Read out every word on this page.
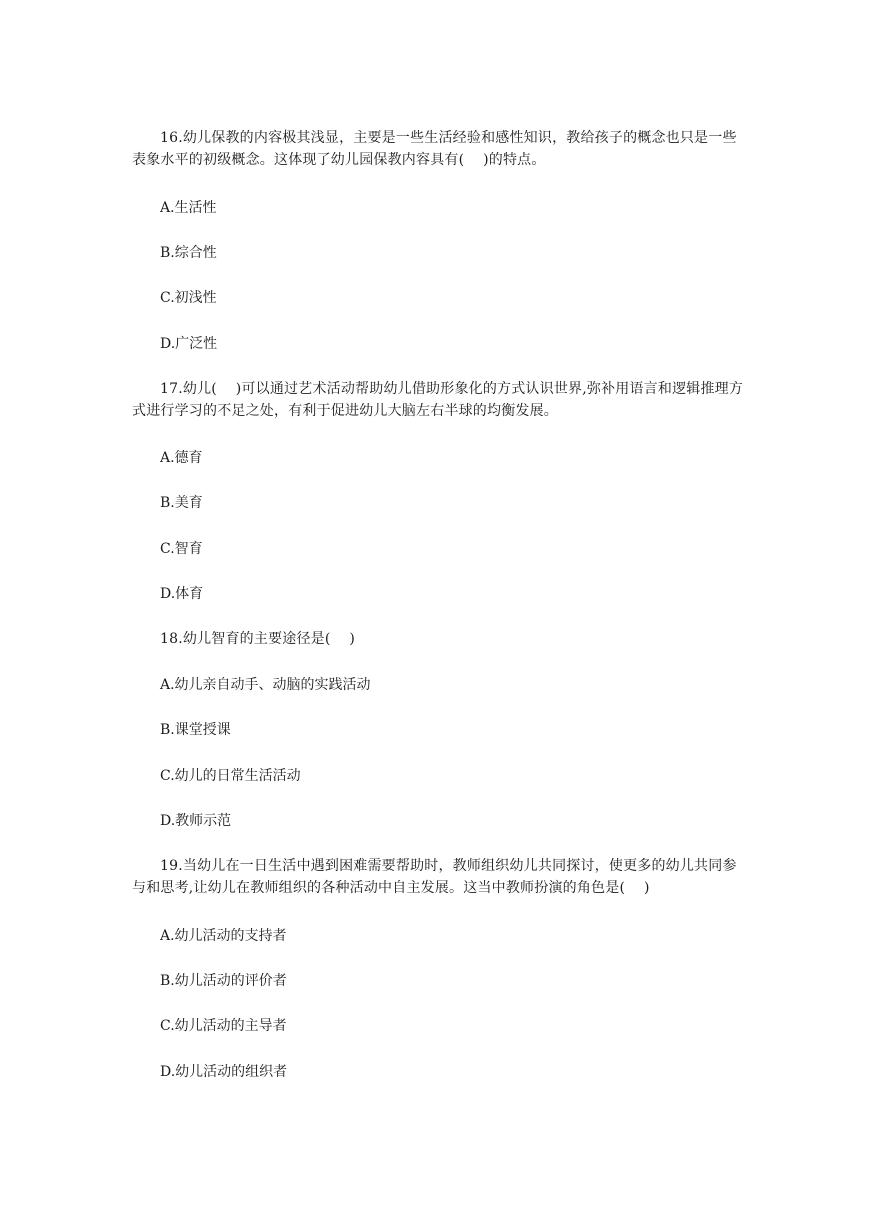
16.幼儿保教的内容极其浅显，主要是一些生活经验和感性知识，教给孩子的概念也只是一些表象水平的初级概念。这体现了幼儿园保教内容具有(　 )的特点。

A.生活性

B.综合性

C.初浅性

D.广泛性

17.幼儿(　 )可以通过艺术活动帮助幼儿借助形象化的方式认识世界,弥补用语言和逻辑推理方式进行学习的不足之处，有利于促进幼儿大脑左右半球的均衡发展。

A.德育

B.美育

C.智育

D.体育

18.幼儿智育的主要途径是(　 )

A.幼儿亲自动手、动脑的实践活动

B.课堂授课

C.幼儿的日常生活活动

D.教师示范

19.当幼儿在一日生活中遇到困难需要帮助时，教师组织幼儿共同探讨，使更多的幼儿共同参与和思考,让幼儿在教师组织的各种活动中自主发展。这当中教师扮演的角色是(　 )

A.幼儿活动的支持者

B.幼儿活动的评价者

C.幼儿活动的主导者

D.幼儿活动的组织者
